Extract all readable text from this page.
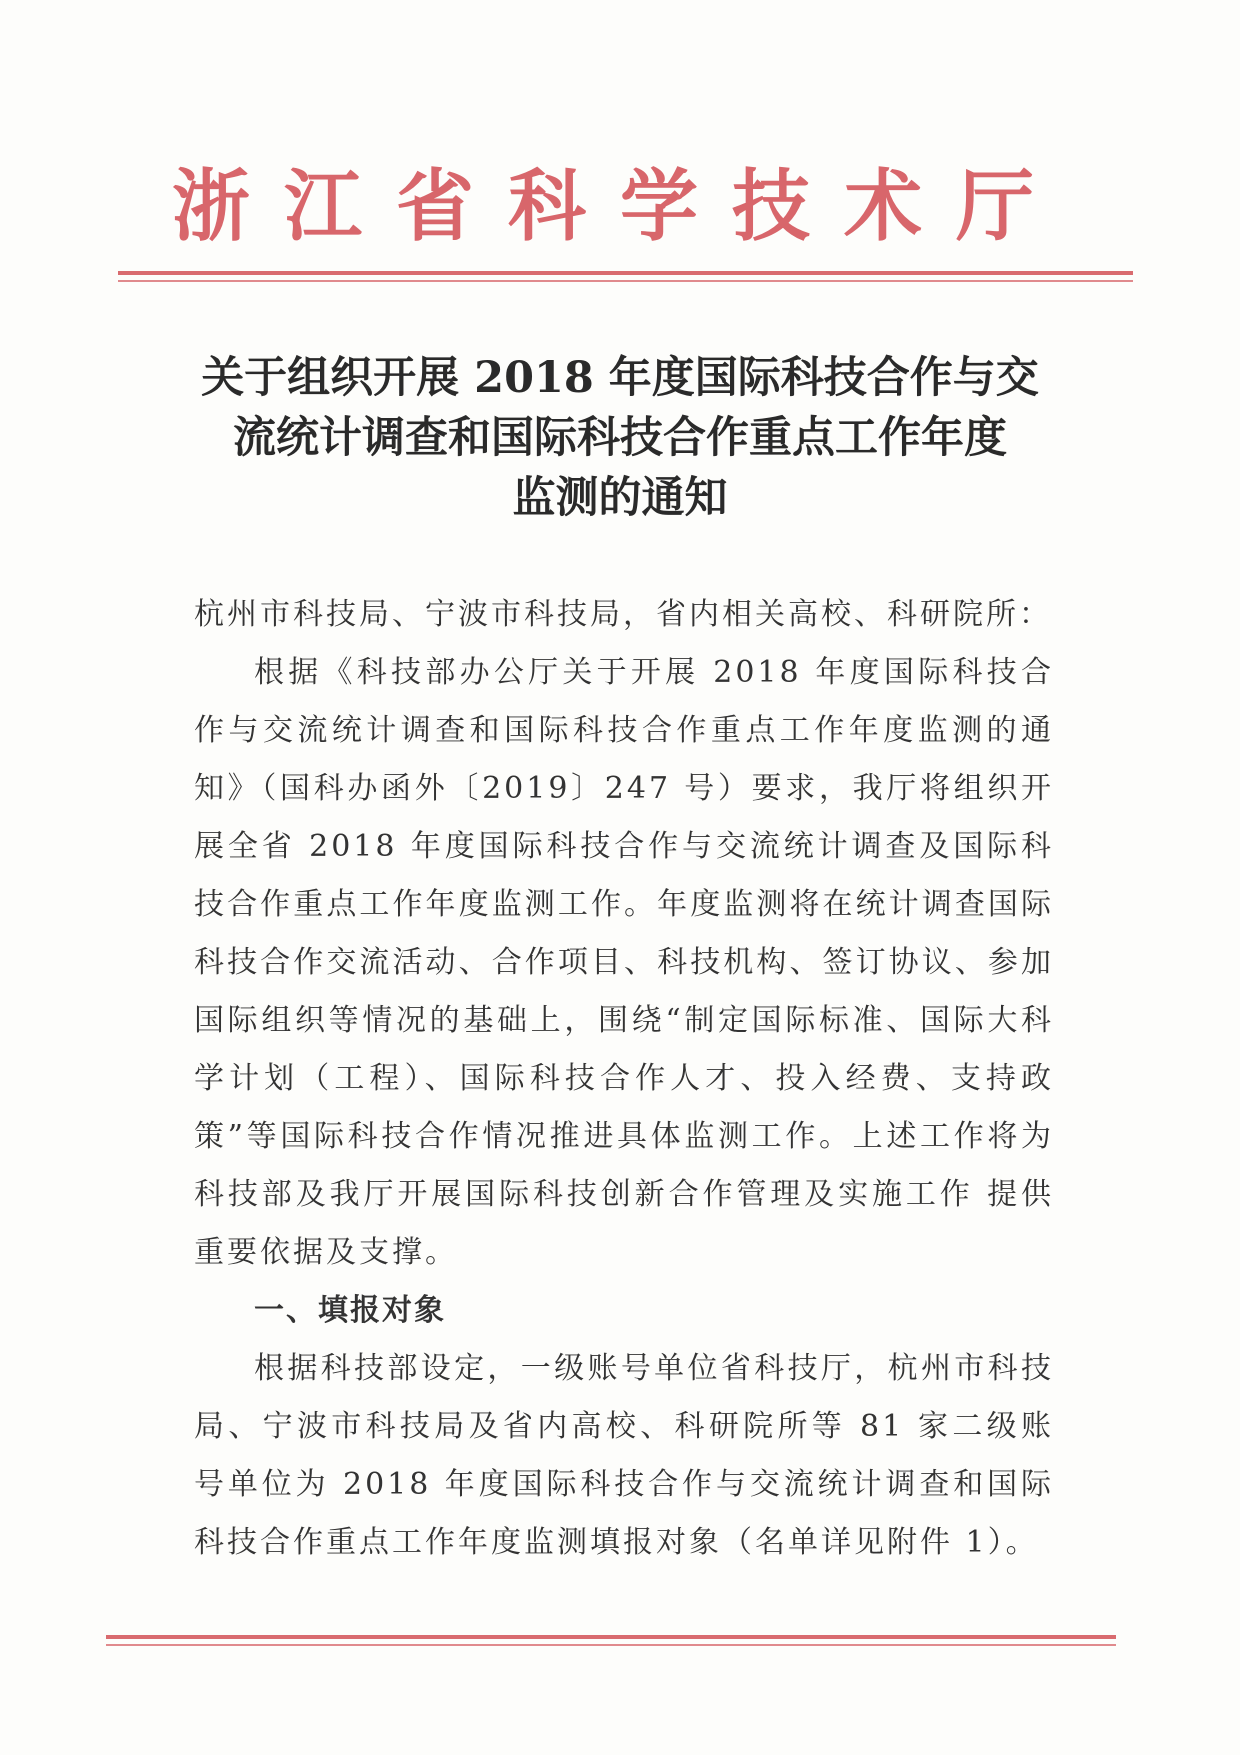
浙江省科学技术厅
关于组织开展 2018 年度国际科技合作与交
流统计调查和国际科技合作重点工作年度
监测的通知

杭州市科技局、宁波市科技局，省内相关高校、科研院所：

根据《科技部办公厅关于开展 2018 年度国际科技合作与交流统计调查和国际科技合作重点工作年度监测的通知》（国科办函外〔2019〕247 号）要求，我厅将组织开展全省 2018 年度国际科技合作与交流统计调查及国际科技合作重点工作年度监测工作。年度监测将在统计调查国际科技合作交流活动、合作项目、科技机构、签订协议、参加国际组织等情况的基础上，围绕“制定国际标准、国际大科学计划（工程）、国际科技合作人才、投入经费、支持政策”等国际科技合作情况推进具体监测工作。上述工作将为科技部及我厅开展国际科技创新合作管理及实施工作 提供重要依据及支撑。

一、填报对象

根据科技部设定，一级账号单位省科技厅，杭州市科技局、宁波市科技局及省内高校、科研院所等 81 家二级账号单位为 2018 年度国际科技合作与交流统计调查和国际科技合作重点工作年度监测填报对象（名单详见附件 1）。
